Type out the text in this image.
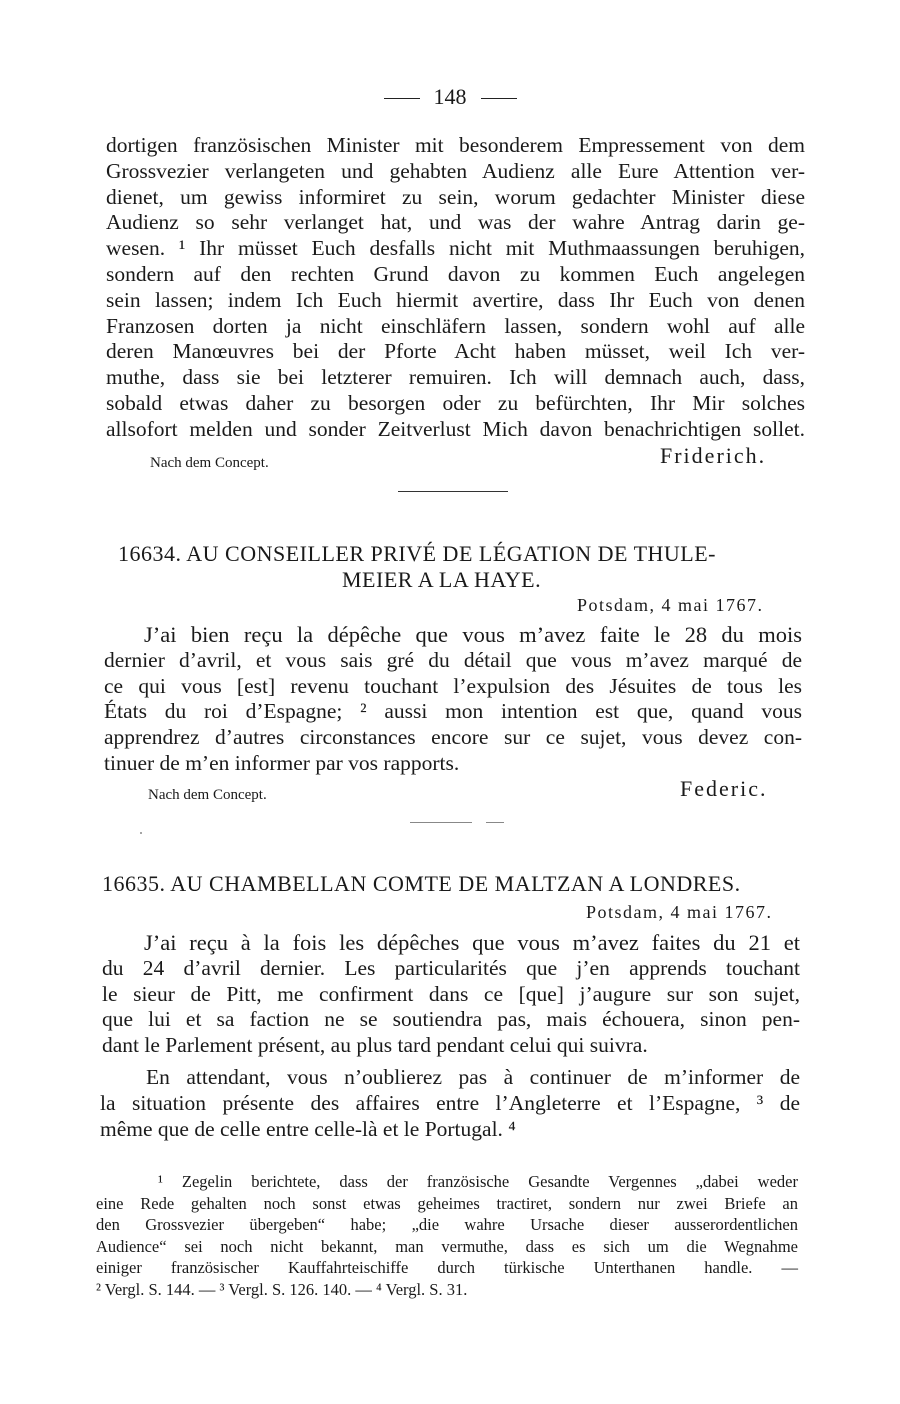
148
dortigen französischen Minister mit besonderem Empressement von dem
Grossvezier verlangeten und gehabten Audienz alle Eure Attention ver-
dienet, um gewiss informiret zu sein, worum gedachter Minister diese
Audienz so sehr verlanget hat, und was der wahre Antrag darin ge-
wesen. ¹ Ihr müsset Euch desfalls nicht mit Muthmaassungen beruhigen,
sondern auf den rechten Grund davon zu kommen Euch angelegen
sein lassen; indem Ich Euch hiermit avertire, dass Ihr Euch von denen
Franzosen dorten ja nicht einschläfern lassen, sondern wohl auf alle
deren Manœuvres bei der Pforte Acht haben müsset, weil Ich ver-
muthe, dass sie bei letzterer remuiren. Ich will demnach auch, dass,
sobald etwas daher zu besorgen oder zu befürchten, Ihr Mir solches
allsofort melden und sonder Zeitverlust Mich davon benachrichtigen sollet.
Nach dem Concept.	Friderich.
16634. AU CONSEILLER PRIVÉ DE LÉGATION DE THULE-
MEIER A LA HAYE.
Potsdam, 4 mai 1767.
J’ai bien reçu la dépêche que vous m’avez faite le 28 du mois
dernier d’avril, et vous sais gré du détail que vous m’avez marqué de
ce qui vous [est] revenu touchant l’expulsion des Jésuites de tous les
États du roi d’Espagne; ² aussi mon intention est que, quand vous
apprendrez d’autres circonstances encore sur ce sujet, vous devez con-
tinuer de m’en informer par vos rapports.
Nach dem Concept.	Federic.
16635. AU CHAMBELLAN COMTE DE MALTZAN A LONDRES.
Potsdam, 4 mai 1767.
J’ai reçu à la fois les dépêches que vous m’avez faites du 21 et
du 24 d’avril dernier. Les particularités que j’en apprends touchant
le sieur de Pitt, me confirment dans ce [que] j’augure sur son sujet,
que lui et sa faction ne se soutiendra pas, mais échouera, sinon pen-
dant le Parlement présent, au plus tard pendant celui qui suivra.
En attendant, vous n’oublierez pas à continuer de m’informer de
la situation présente des affaires entre l’Angleterre et l’Espagne, ³ de
même que de celle entre celle-là et le Portugal. ⁴
¹ Zegelin berichtete, dass der französische Gesandte Vergennes „dabei weder
eine Rede gehalten noch sonst etwas geheimes tractiret, sondern nur zwei Briefe an
den Grossvezier übergeben“ habe; „die wahre Ursache dieser ausserordentlichen
Audience“ sei noch nicht bekannt, man vermuthe, dass es sich um die Wegnahme
einiger französischer Kauffahrteischiffe durch türkische Unterthanen handle. —
² Vergl. S. 144. — ³ Vergl. S. 126. 140. — ⁴ Vergl. S. 31.
